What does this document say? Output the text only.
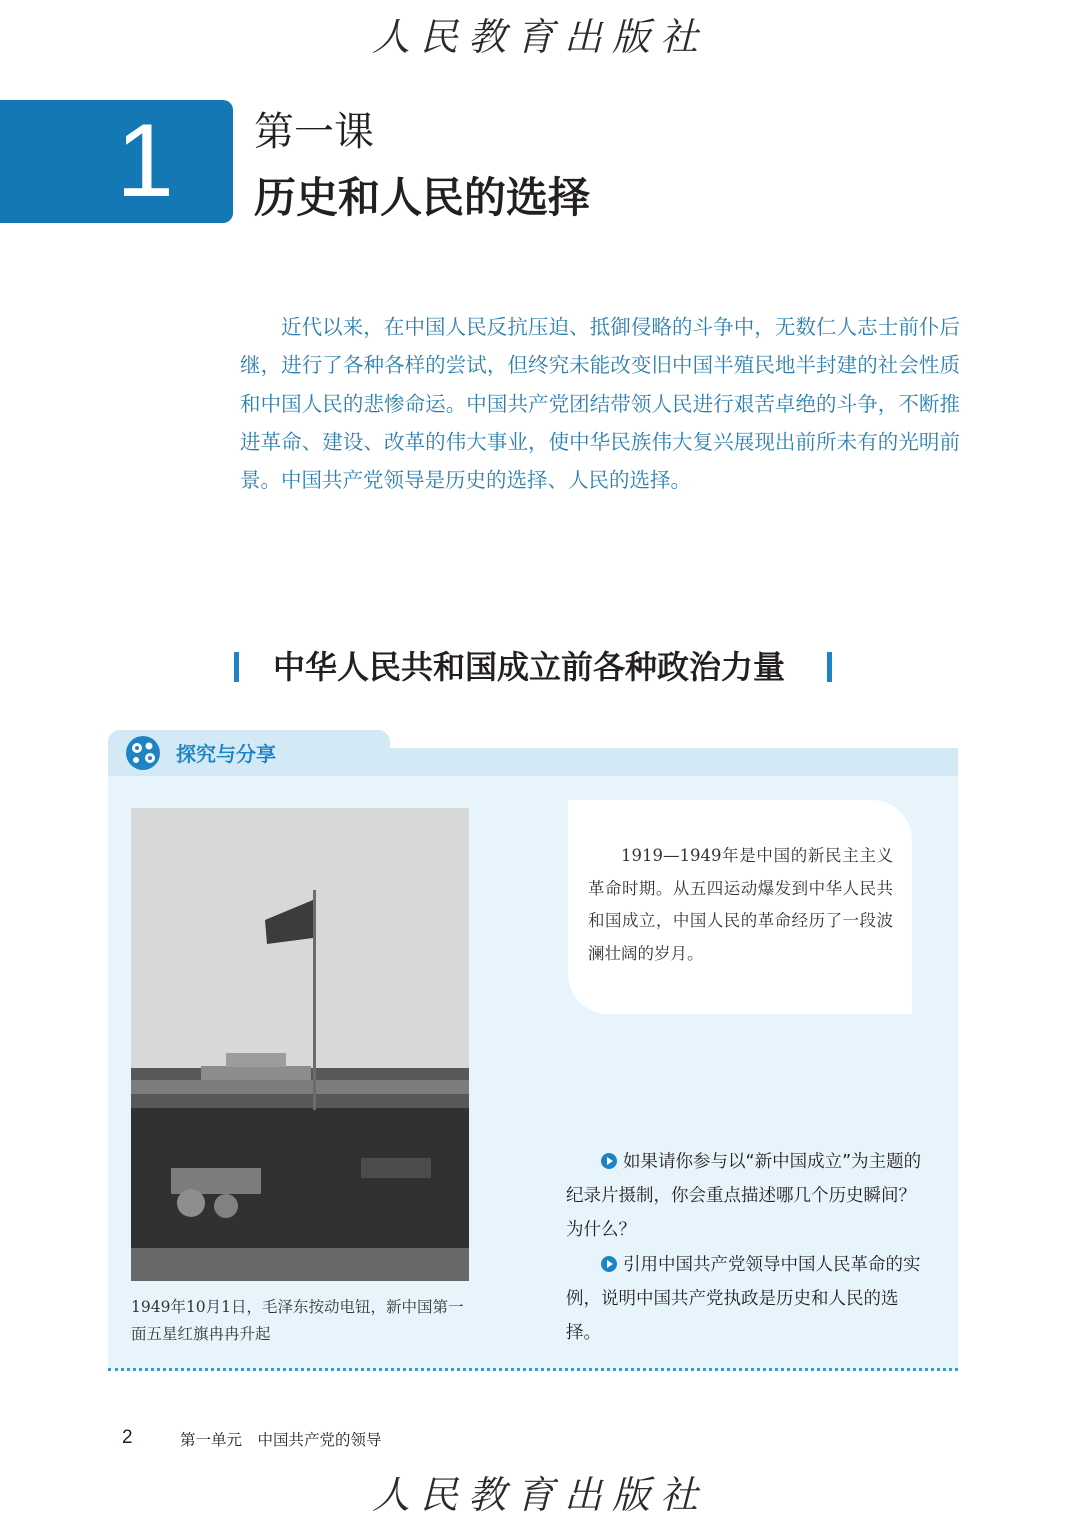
人民教育出版社
1	第一课
历史和人民的选择

近代以来，在中国人民反抗压迫、抵御侵略的斗争中，无数仁人志士前仆后继，进行了各种各样的尝试，但终究未能改变旧中国半殖民地半封建的社会性质和中国人民的悲惨命运。中国共产党团结带领人民进行艰苦卓绝的斗争，不断推进革命、建设、改革的伟大事业，使中华民族伟大复兴展现出前所未有的光明前景。中国共产党领导是历史的选择、人民的选择。

中华人民共和国成立前各种政治力量
探究与分享

1949年10月1日，毛泽东按动电钮，新中国第一面五星红旗冉冉升起

1919—1949年是中国的新民主主义革命时期。从五四运动爆发到中华人民共和国成立，中国人民的革命经历了一段波澜壮阔的岁月。

如果请你参与以“新中国成立”为主题的纪录片摄制，你会重点描述哪几个历史瞬间？为什么？

引用中国共产党领导中国人民革命的实例，说明中国共产党执政是历史和人民的选择。

2	第一单元　中国共产党的领导
人民教育出版社
